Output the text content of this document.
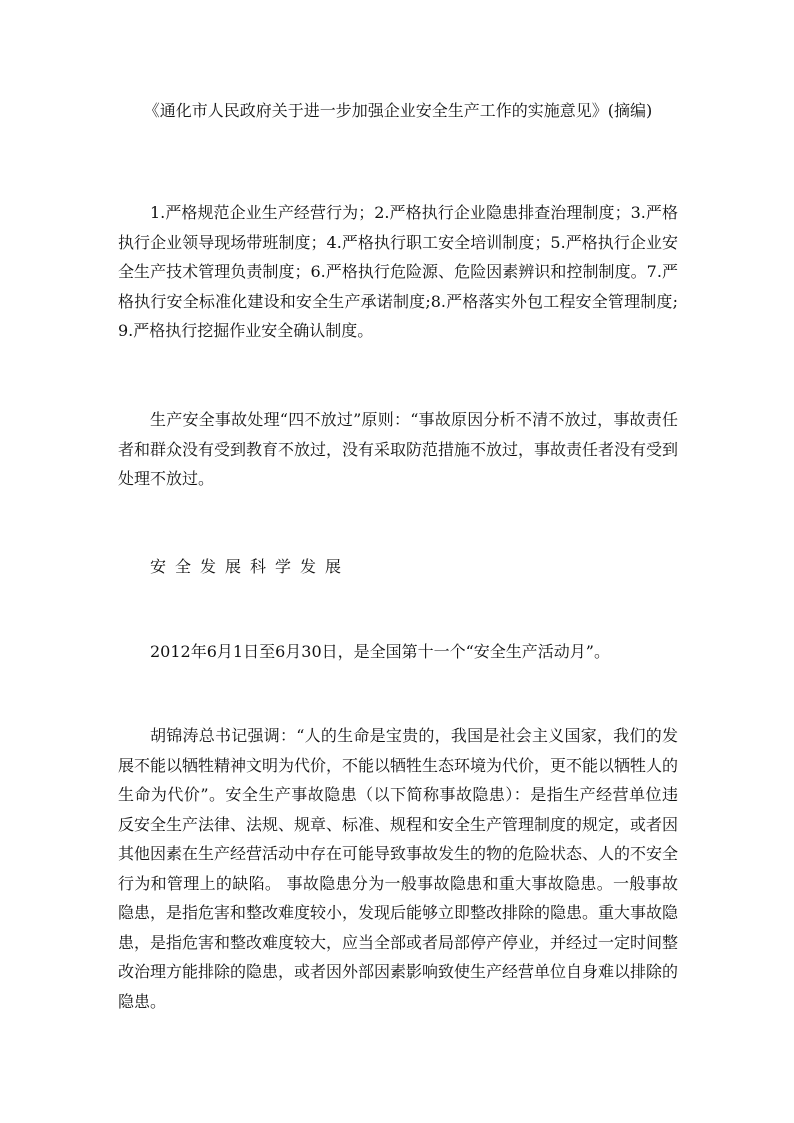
《通化市人民政府关于进一步加强企业安全生产工作的实施意见》(摘编)

1.严格规范企业生产经营行为；2.严格执行企业隐患排查治理制度；3.严格执行企业领导现场带班制度；4.严格执行职工安全培训制度；5.严格执行企业安全生产技术管理负责制度；6.严格执行危险源、危险因素辨识和控制制度。7.严格执行安全标准化建设和安全生产承诺制度;8.严格落实外包工程安全管理制度;9.严格执行挖掘作业安全确认制度。

生产安全事故处理“四不放过”原则：“事故原因分析不清不放过，事故责任者和群众没有受到教育不放过，没有采取防范措施不放过，事故责任者没有受到处理不放过。

安全发展科学发展

2012年6月1日至6月30日，是全国第十一个“安全生产活动月”。

胡锦涛总书记强调：“人的生命是宝贵的，我国是社会主义国家，我们的发展不能以牺牲精神文明为代价，不能以牺牲生态环境为代价，更不能以牺牲人的生命为代价”。安全生产事故隐患（以下简称事故隐患）：是指生产经营单位违反安全生产法律、法规、规章、标准、规程和安全生产管理制度的规定，或者因其他因素在生产经营活动中存在可能导致事故发生的物的危险状态、人的不安全行为和管理上的缺陷。 事故隐患分为一般事故隐患和重大事故隐患。一般事故隐患，是指危害和整改难度较小，发现后能够立即整改排除的隐患。重大事故隐患，是指危害和整改难度较大，应当全部或者局部停产停业，并经过一定时间整改治理方能排除的隐患，或者因外部因素影响致使生产经营单位自身难以排除的隐患。
